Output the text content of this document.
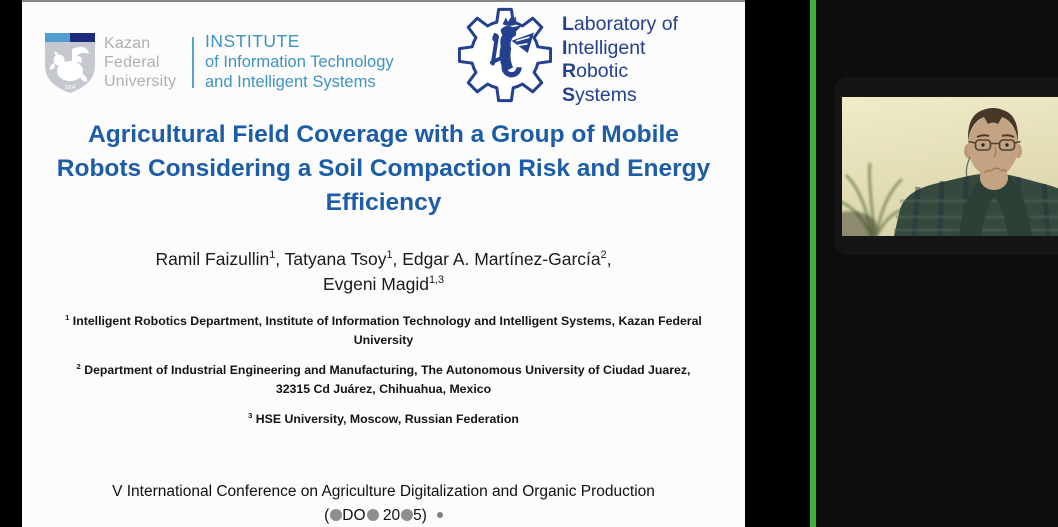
1804
Kazan
Federal
University
INSTITUTE
of Information Technology
and Intelligent Systems
Laboratory of
Intelligent
Robotic
Systems
Agricultural Field Coverage with a Group of Mobile
Robots Considering a Soil Compaction Risk and Energy
Efficiency
Ramil Faizullin$^1$, Tatyana Tsoy$^1$, Edgar A. Martínez-García$^2$,
Evgeni Magid$^{1,3}$
$^1$ Intelligent Robotics Department, Institute of Information Technology and Intelligent Systems, Kazan Federal University
$^2$ Department of Industrial Engineering and Manufacturing, The Autonomous University of Ciudad Juarez, 32315 Cd Juárez, Chihuahua, Mexico
$^3$ HSE University, Moscow, Russian Federation
V International Conference on Agriculture Digitalization and Organic Production
( DO 20 5)
